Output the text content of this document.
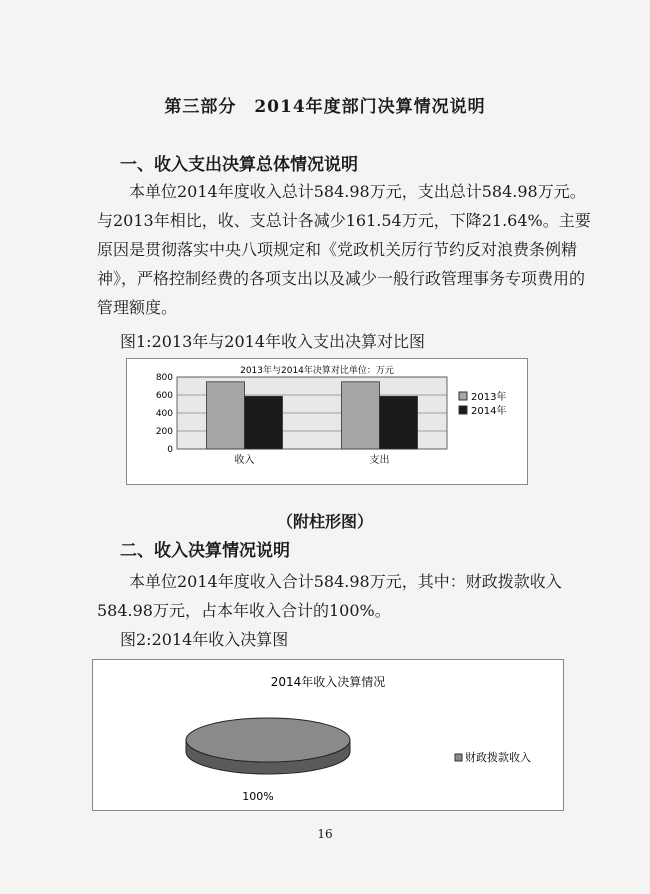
第三部分　2014年度部门决算情况说明
一、收入支出决算总体情况说明

本单位2014年度收入总计584.98万元，支出总计584.98万元。与2013年相比，收、支总计各减少161.54万元，下降21.64%。主要原因是贯彻落实中央八项规定和《党政机关厉行节约反对浪费条例精神》，严格控制经费的各项支出以及减少一般行政管理事务专项费用的管理额度。

图1:2013年与2014年收入支出决算对比图
2013年与2014年决算对比单位：万元
0
200
400
600
800
收入	支出
2013年
2014年
（附柱形图）
二、收入决算情况说明

本单位2014年度收入合计584.98万元，其中：财政拨款收入584.98万元，占本年收入合计的100%。

图2:2014年收入决算图
2014年收入决算情况
100%
财政拨款收入
16
